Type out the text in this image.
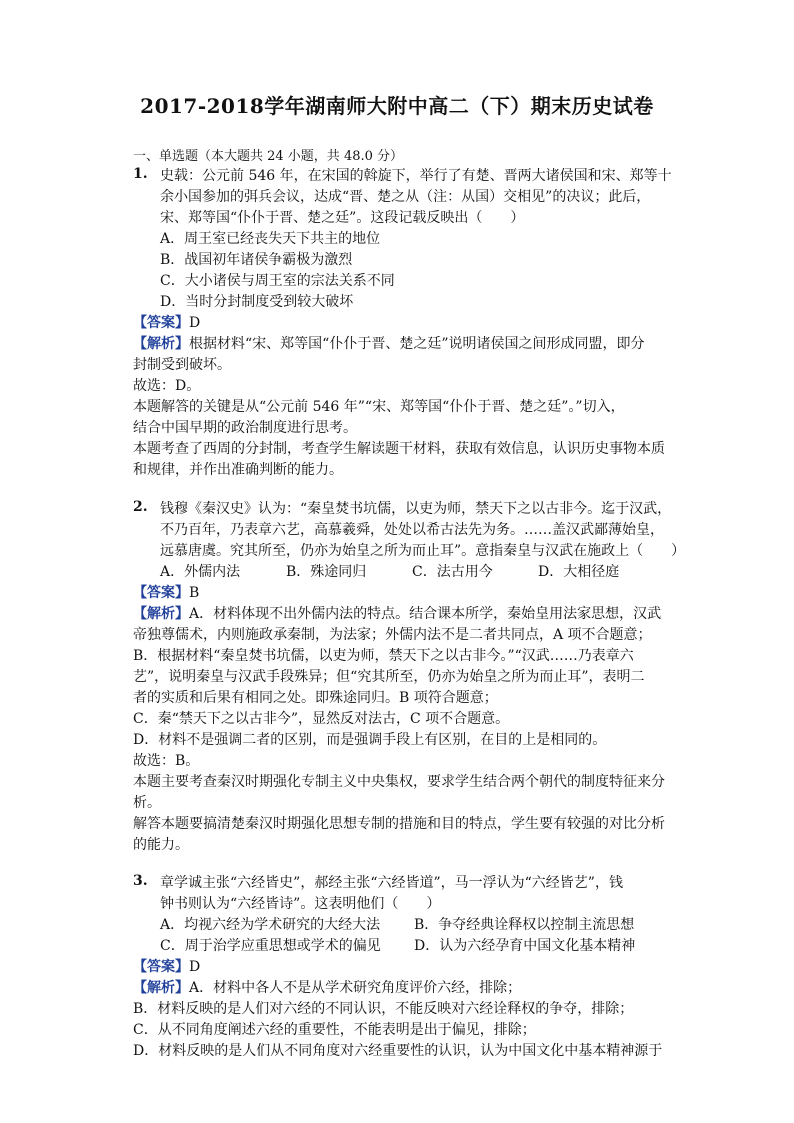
2017-2018学年湖南师大附中高二（下）期末历史试卷
一、单选题（本大题共 24 小题，共 48.0 分）
1. 史载：公元前 546 年，在宋国的斡旋下，举行了有楚、晋两大诸侯国和宋、郑等十
余小国参加的弭兵会议，达成“晋、楚之从（注：从国）交相见”的决议；此后，
宋、郑等国“仆仆于晋、楚之廷”。这段记载反映出（　　）
A．周王室已经丧失天下共主的地位
B．战国初年诸侯争霸极为激烈
C．大小诸侯与周王室的宗法关系不同
D．当时分封制度受到较大破坏
【答案】D
【解析】根据材料“宋、郑等国“仆仆于晋、楚之廷”说明诸侯国之间形成同盟，即分
封制受到破坏。
故选：D。
本题解答的关键是从“公元前 546 年”“宋、郑等国“仆仆于晋、楚之廷”。”切入，
结合中国早期的政治制度进行思考。
本题考查了西周的分封制，考查学生解读题干材料，获取有效信息，认识历史事物本质
和规律，并作出准确判断的能力。
2. 钱穆《秦汉史》认为：“秦皇焚书坑儒，以吏为师，禁天下之以古非今。迄于汉武，
不乃百年，乃表章六艺，高慕羲舜，处处以希古法先为务。……盖汉武鄙薄始皇，
远慕唐虞。究其所至，仍亦为始皇之所为而止耳”。意指秦皇与汉武在施政上（　　）
A．外儒内法	B．殊途同归	C．法古用今	D．大相径庭
【答案】B
【解析】A．材料体现不出外儒内法的特点。结合课本所学，秦始皇用法家思想，汉武
帝独尊儒术，内则施政承秦制，为法家；外儒内法不是二者共同点，A 项不合题意；
B．根据材料“秦皇焚书坑儒，以吏为师，禁天下之以古非今。”“汉武……乃表章六
艺”，说明秦皇与汉武手段殊异；但“究其所至，仍亦为始皇之所为而止耳”，表明二
者的实质和后果有相同之处。即殊途同归。B 项符合题意；
C．秦“禁天下之以古非今”，显然反对法古，C 项不合题意。
D．材料不是强调二者的区别，而是强调手段上有区别，在目的上是相同的。
故选：B。
本题主要考查秦汉时期强化专制主义中央集权，要求学生结合两个朝代的制度特征来分
析。
解答本题要搞清楚秦汉时期强化思想专制的措施和目的特点，学生要有较强的对比分析
的能力。
3. 章学诚主张“六经皆史”，郝经主张“六经皆道”，马一浮认为“六经皆艺”，钱
钟书则认为“六经皆诗”。这表明他们（　　）
A．均视六经为学术研究的大经大法 B．争夺经典诠释权以控制主流思想
C．周于治学应重思想或学术的偏见 D．认为六经孕育中国文化基本精神
【答案】D
【解析】A．材料中各人不是从学术研究角度评价六经，排除；
B．材料反映的是人们对六经的不同认识，不能反映对六经诠释权的争夺，排除；
C．从不同角度阐述六经的重要性，不能表明是出于偏见，排除；
D．材料反映的是人们从不同角度对六经重要性的认识，认为中国文化中基本精神源于
